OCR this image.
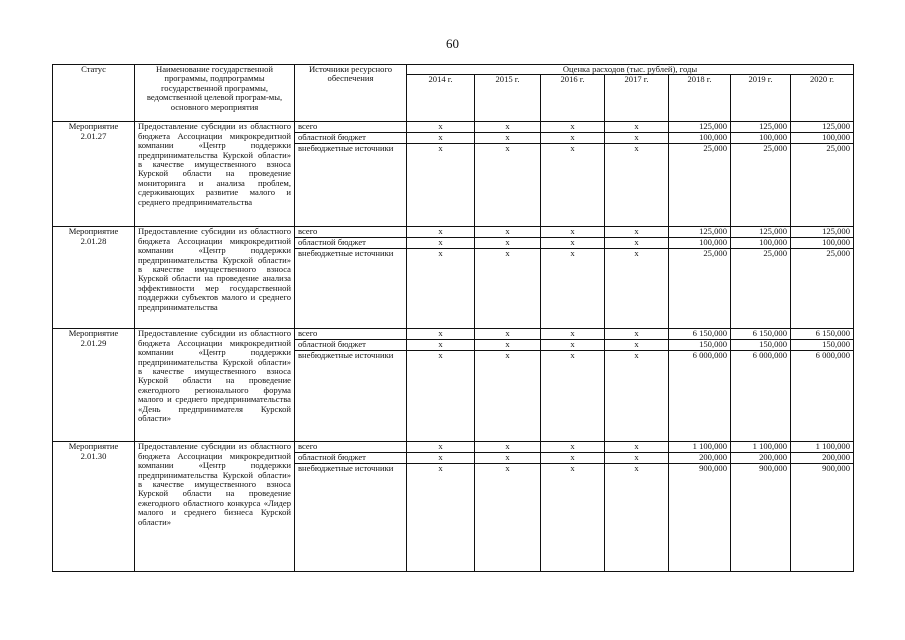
60
Статус	Наименование государственной программы, подпрограммы государственной программы, ведомственной целевой програм-мы, основного мероприятия	Источники ресурсного обеспечения	Оценка расходов (тыс. рублей), годы						
			2014 г.	2015 г.	2016 г.	2017 г.	2018 г.	2019 г.	2020 г.
Мероприятие 2.01.27	Предоставление субсидии из областного бюджета Ассоциации микрокредитной компании «Центр поддержки предпринимательства Курской области» в качестве имущественного взноса Курской области на проведение мониторинга и анализа проблем, сдерживающих развитие малого и среднего предпринимательства	всего	x	x	x	x	125,000	125,000	125,000
		областной бюджет	x	x	x	x	100,000	100,000	100,000
		внебюджетные источники	x	x	x	x	25,000	25,000	25,000
Мероприятие 2.01.28	Предоставление субсидии из областного бюджета Ассоциации микрокредитной компании «Центр поддержки предпринимательства Курской области» в качестве имущественного взноса Курской области на проведение анализа эффективности мер государственной поддержки субъектов малого и среднего предпринимательства	всего	x	x	x	x	125,000	125,000	125,000
		областной бюджет	x	x	x	x	100,000	100,000	100,000
		внебюджетные источники	x	x	x	x	25,000	25,000	25,000
Мероприятие 2.01.29	Предоставление субсидии из областного бюджета Ассоциации микрокредитной компании «Центр поддержки предпринимательства Курской области» в качестве имущественного взноса Курской области на проведение ежегодного регионального форума малого и среднего предпринимательства «День предпринимателя Курской области»	всего	x	x	x	x	6 150,000	6 150,000	6 150,000
		областной бюджет	x	x	x	x	150,000	150,000	150,000
		внебюджетные источники	x	x	x	x	6 000,000	6 000,000	6 000,000
Мероприятие 2.01.30	Предоставление субсидии из областного бюджета Ассоциации микрокредитной компании «Центр поддержки предпринимательства Курской области» в качестве имущественного взноса Курской области на проведение ежегодного областного конкурса «Лидер малого и среднего бизнеса Курской области»	всего	x	x	x	x	1 100,000	1 100,000	1 100,000
		областной бюджет	x	x	x	x	200,000	200,000	200,000
		внебюджетные источники	x	x	x	x	900,000	900,000	900,000
